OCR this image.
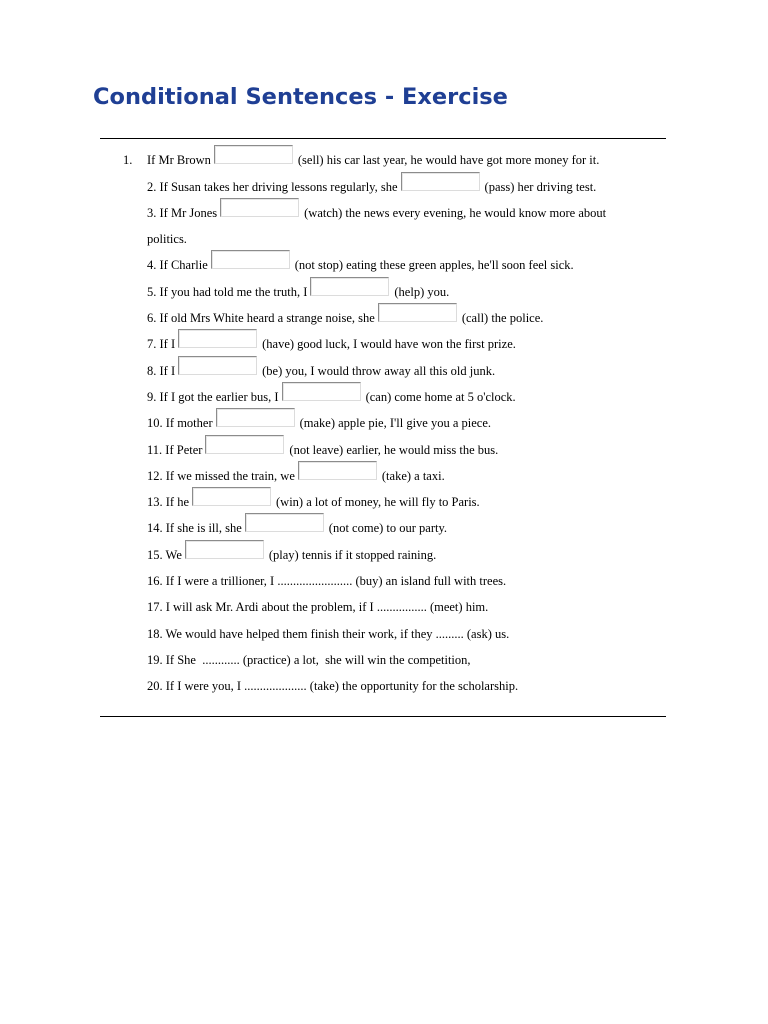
Conditional Sentences - Exercise
1. If Mr Brown	(sell) his car last year, he would have got more money for it.
2. If Susan takes her driving lessons regularly, she	(pass) her driving test.
3. If Mr Jones	(watch) the news every evening, he would know more about
politics.
4. If Charlie	(not stop) eating these green apples, he'll soon feel sick.
5. If you had told me the truth, I	(help) you.
6. If old Mrs White heard a strange noise, she	(call) the police.
7. If I	(have) good luck, I would have won the first prize.
8. If I	(be) you, I would throw away all this old junk.
9. If I got the earlier bus, I	(can) come home at 5 o'clock.
10. If mother	(make) apple pie, I'll give you a piece.
11. If Peter	(not leave) earlier, he would miss the bus.
12. If we missed the train, we	(take) a taxi.
13. If he	(win) a lot of money, he will fly to Paris.
14. If she is ill, she	(not come) to our party.
15. We	(play) tennis if it stopped raining.
16. If I were a trillioner, I ........................ (buy) an island full with trees.
17. I will ask Mr. Ardi about the problem, if I ................ (meet) him.
18. We would have helped them finish their work, if they ......... (ask) us.
19. If She  ............ (practice) a lot,  she will win the competition,
20. If I were you, I .................... (take) the opportunity for the scholarship.
